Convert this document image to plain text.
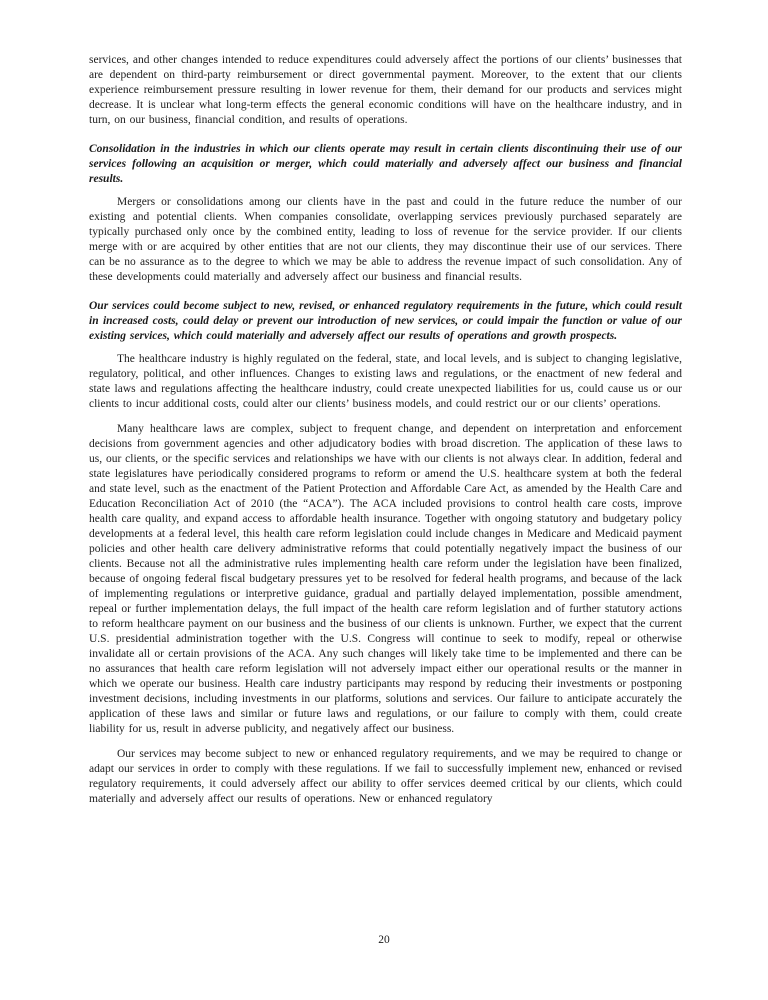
services, and other changes intended to reduce expenditures could adversely affect the portions of our clients’ businesses that are dependent on third-party reimbursement or direct governmental payment. Moreover, to the extent that our clients experience reimbursement pressure resulting in lower revenue for them, their demand for our products and services might decrease. It is unclear what long-term effects the general economic conditions will have on the healthcare industry, and in turn, on our business, financial condition, and results of operations.

Consolidation in the industries in which our clients operate may result in certain clients discontinuing their use of our services following an acquisition or merger, which could materially and adversely affect our business and financial results.

Mergers or consolidations among our clients have in the past and could in the future reduce the number of our existing and potential clients. When companies consolidate, overlapping services previously purchased separately are typically purchased only once by the combined entity, leading to loss of revenue for the service provider. If our clients merge with or are acquired by other entities that are not our clients, they may discontinue their use of our services. There can be no assurance as to the degree to which we may be able to address the revenue impact of such consolidation. Any of these developments could materially and adversely affect our business and financial results.

Our services could become subject to new, revised, or enhanced regulatory requirements in the future, which could result in increased costs, could delay or prevent our introduction of new services, or could impair the function or value of our existing services, which could materially and adversely affect our results of operations and growth prospects.

The healthcare industry is highly regulated on the federal, state, and local levels, and is subject to changing legislative, regulatory, political, and other influences. Changes to existing laws and regulations, or the enactment of new federal and state laws and regulations affecting the healthcare industry, could create unexpected liabilities for us, could cause us or our clients to incur additional costs, could alter our clients’ business models, and could restrict our or our clients’ operations.

Many healthcare laws are complex, subject to frequent change, and dependent on interpretation and enforcement decisions from government agencies and other adjudicatory bodies with broad discretion. The application of these laws to us, our clients, or the specific services and relationships we have with our clients is not always clear. In addition, federal and state legislatures have periodically considered programs to reform or amend the U.S. healthcare system at both the federal and state level, such as the enactment of the Patient Protection and Affordable Care Act, as amended by the Health Care and Education Reconciliation Act of 2010 (the “ACA”). The ACA included provisions to control health care costs, improve health care quality, and expand access to affordable health insurance. Together with ongoing statutory and budgetary policy developments at a federal level, this health care reform legislation could include changes in Medicare and Medicaid payment policies and other health care delivery administrative reforms that could potentially negatively impact the business of our clients. Because not all the administrative rules implementing health care reform under the legislation have been finalized, because of ongoing federal fiscal budgetary pressures yet to be resolved for federal health programs, and because of the lack of implementing regulations or interpretive guidance, gradual and partially delayed implementation, possible amendment, repeal or further implementation delays, the full impact of the health care reform legislation and of further statutory actions to reform healthcare payment on our business and the business of our clients is unknown. Further, we expect that the current U.S. presidential administration together with the U.S. Congress will continue to seek to modify, repeal or otherwise invalidate all or certain provisions of the ACA. Any such changes will likely take time to be implemented and there can be no assurances that health care reform legislation will not adversely impact either our operational results or the manner in which we operate our business. Health care industry participants may respond by reducing their investments or postponing investment decisions, including investments in our platforms, solutions and services. Our failure to anticipate accurately the application of these laws and similar or future laws and regulations, or our failure to comply with them, could create liability for us, result in adverse publicity, and negatively affect our business.

Our services may become subject to new or enhanced regulatory requirements, and we may be required to change or adapt our services in order to comply with these regulations. If we fail to successfully implement new, enhanced or revised regulatory requirements, it could adversely affect our ability to offer services deemed critical by our clients, which could materially and adversely affect our results of operations. New or enhanced regulatory

20
